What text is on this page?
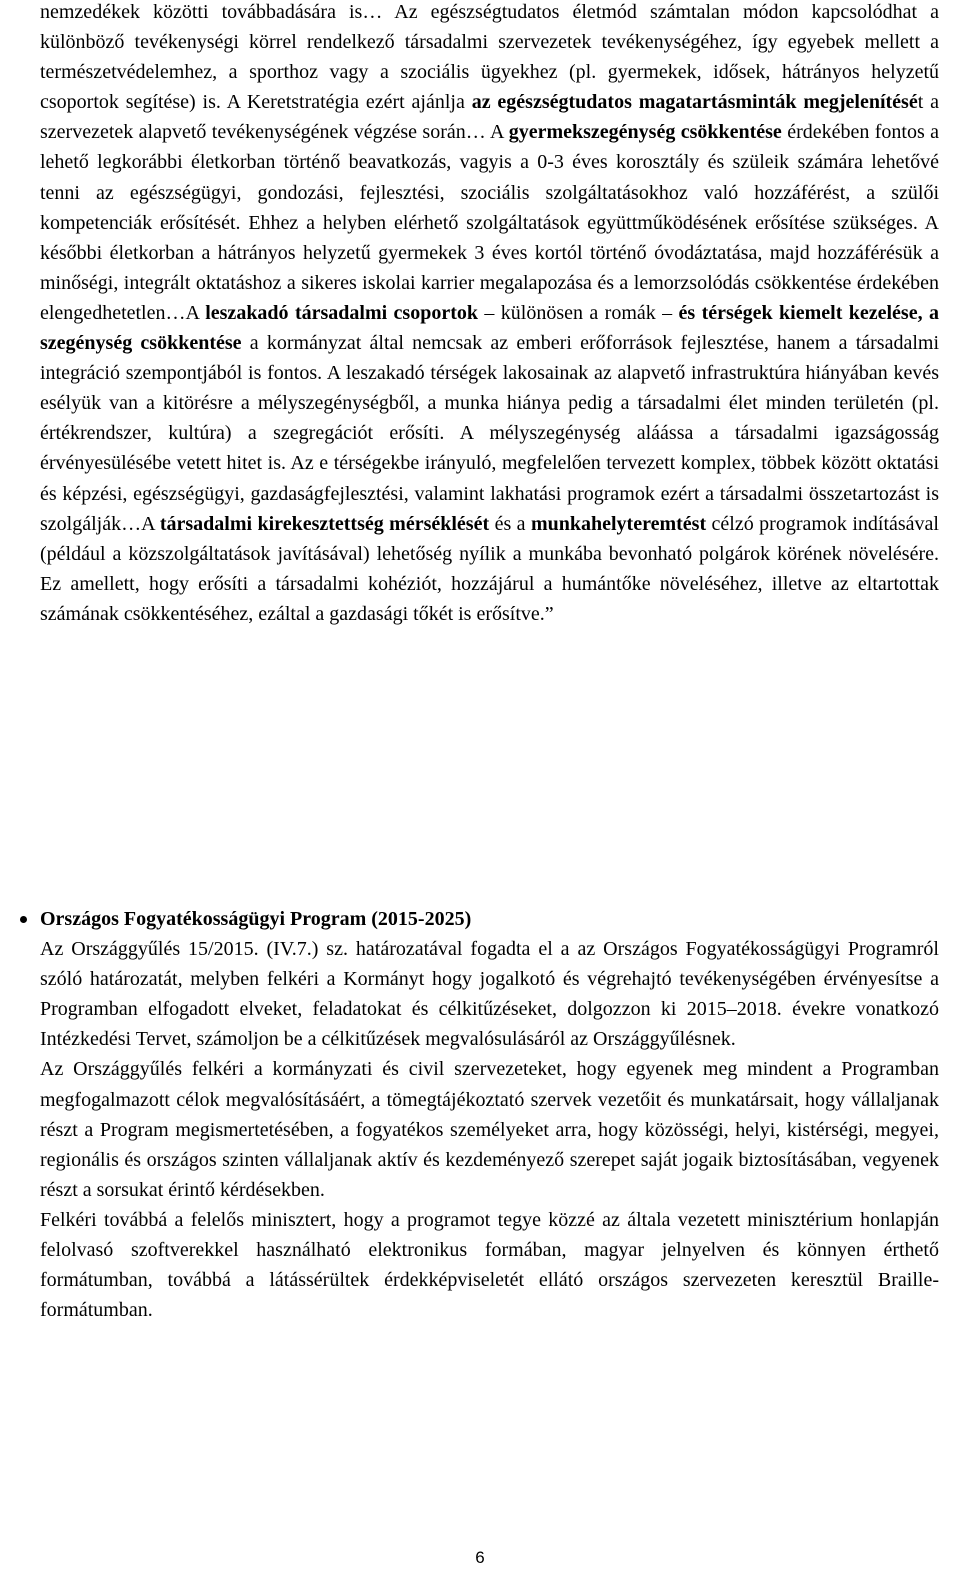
nemzedékek közötti továbbadására is… Az egészségtudatos életmód számtalan módon kapcsolódhat a különböző tevékenységi körrel rendelkező társadalmi szervezetek tevékenységéhez, így egyebek mellett a természetvédelemhez, a sporthoz vagy a szociális ügyekhez (pl. gyermekek, idősek, hátrányos helyzetű csoportok segítése) is. A Keretstratégia ezért ajánlja az egészségtudatos magatartásminták megjelenítését a szervezetek alapvető tevékenységének végzése során… A gyermekszegénység csökkentése érdekében fontos a lehető legkorábbi életkorban történő beavatkozás, vagyis a 0-3 éves korosztály és szüleik számára lehetővé tenni az egészségügyi, gondozási, fejlesztési, szociális szolgáltatásokhoz való hozzáférést, a szülői kompetenciák erősítését. Ehhez a helyben elérhető szolgáltatások együttműködésének erősítése szükséges. A későbbi életkorban a hátrányos helyzetű gyermekek 3 éves kortól történő óvodáztatása, majd hozzáférésük a minőségi, integrált oktatáshoz a sikeres iskolai karrier megalapozása és a lemorzsolódás csökkentése érdekében elengedhetetlen…A leszakadó társadalmi csoportok – különösen a romák – és térségek kiemelt kezelése, a szegénység csökkentése a kormányzat által nemcsak az emberi erőforrások fejlesztése, hanem a társadalmi integráció szempontjából is fontos. A leszakadó térségek lakosainak az alapvető infrastruktúra hiányában kevés esélyük van a kitörésre a mélyszegénységből, a munka hiánya pedig a társadalmi élet minden területén (pl. értékrendszer, kultúra) a szegregációt erősíti. A mélyszegénység aláássa a társadalmi igazságosság érvényesülésébe vetett hitet is. Az e térségekbe irányuló, megfelelően tervezett komplex, többek között oktatási és képzési, egészségügyi, gazdaságfejlesztési, valamint lakhatási programok ezért a társadalmi összetartozást is szolgálják…A társadalmi kirekesztettség mérséklését és a munkahelyteremtést célzó programok indításával (például a közszolgáltatások javításával) lehetőség nyílik a munkába bevonható polgárok körének növelésére. Ez amellett, hogy erősíti a társadalmi kohéziót, hozzájárul a humántőke növeléséhez, illetve az eltartottak számának csökkentéséhez, ezáltal a gazdasági tőkét is erősítve.”

Országos Fogyatékosságügyi Program (2015-2025)

Az Országgyűlés 15/2015. (IV.7.) sz. határozatával fogadta el a az Országos Fogyatékosságügyi Programról szóló határozatát, melyben felkéri a Kormányt hogy jogalkotó és végrehajtó tevékenységében érvényesítse a Programban elfogadott elveket, feladatokat és célkitűzéseket, dolgozzon ki 2015–2018. évekre vonatkozó Intézkedési Tervet, számoljon be a célkitűzések megvalósulásáról az Országgyűlésnek.

Az Országgyűlés felkéri a kormányzati és civil szervezeteket, hogy egyenek meg mindent a Programban megfogalmazott célok megvalósításáért, a tömegtájékoztató szervek vezetőit és munkatársait, hogy vállaljanak részt a Program megismertetésében, a fogyatékos személyeket arra, hogy közösségi, helyi, kistérségi, megyei, regionális és országos szinten vállaljanak aktív és kezdeményező szerepet saját jogaik biztosításában, vegyenek részt a sorsukat érintő kérdésekben.

Felkéri továbbá a felelős minisztert, hogy a programot tegye közzé az általa vezetett minisztérium honlapján felolvasó szoftverekkel használható elektronikus formában, magyar jelnyelven és könnyen érthető formátumban, továbbá a látássérültek érdekképviseletét ellátó országos szervezeten keresztül Braille-formátumban.

6
